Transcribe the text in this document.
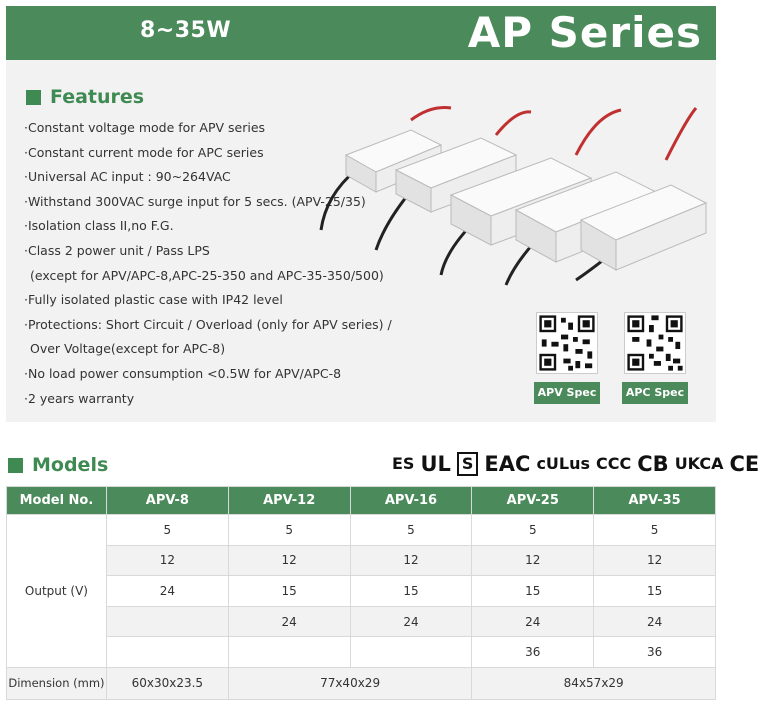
8~35W	AP Series
Features
·Constant voltage mode for APV series
·Constant current mode for APC series
·Universal AC input : 90~264VAC
·Withstand 300VAC surge input for 5 secs. (APV-25/35)
·Isolation class II,no F.G.
·Class 2 power unit / Pass LPS
(except for APV/APC-8,APC-25-350 and APC-35-350/500)
·Fully isolated plastic case with IP42 level
·Protections: Short Circuit / Overload (only for APV series) /
Over Voltage(except for APC-8)
·No load power consumption <0.5W for APV/APC-8
·2 years warranty	APV Spec	APC Spec
Models	ES UL S EAC cULus CCC CB UKCA CE
Model No.	APV-8	APV-12	APV-16	APV-25	APV-35
Output (V)	5	5	5	5	5
	12	12	12	12	12
	24	15	15	15	15
		24	24	24	24
				36	36
Dimension (mm)	60x30x23.5	77x40x29		84x57x29	
